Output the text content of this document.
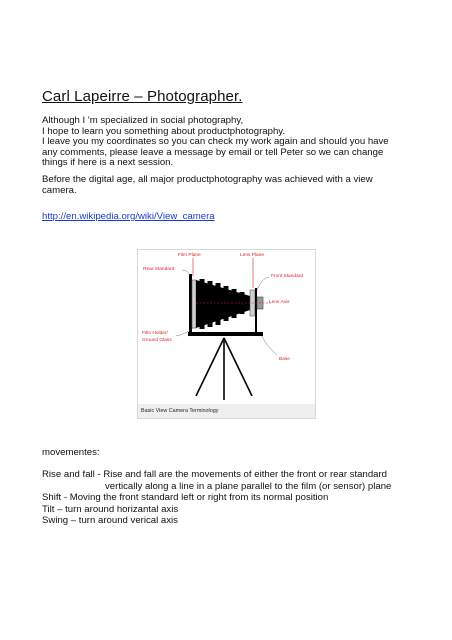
Carl Lapeirre – Photographer.
Although I 'm specialized in social photography,
I hope to learn you something about productphotography.
I leave you my coordinates so you can check my work again and should you have
any comments, please leave a message by email or tell Peter so we can change
things if here is a next session.
Before the digital age, all major productphotography was achieved with a view
camera.
http://en.wikipedia.org/wiki/View_camera
Film Plane	Lens Plane
Rear Standard
Front Standard
Lens Axis
Film Holder/
Ground Glass
Base
Basic View Camera Terminology
movementes:
Rise and fall - Rise and fall are the movements of either the front or rear standard
vertically along a line in a plane parallel to the film (or sensor) plane
Shift - Moving the front standard left or right from its normal position
Tilt – turn around horizantal axis
Swing – turn around verical axis
